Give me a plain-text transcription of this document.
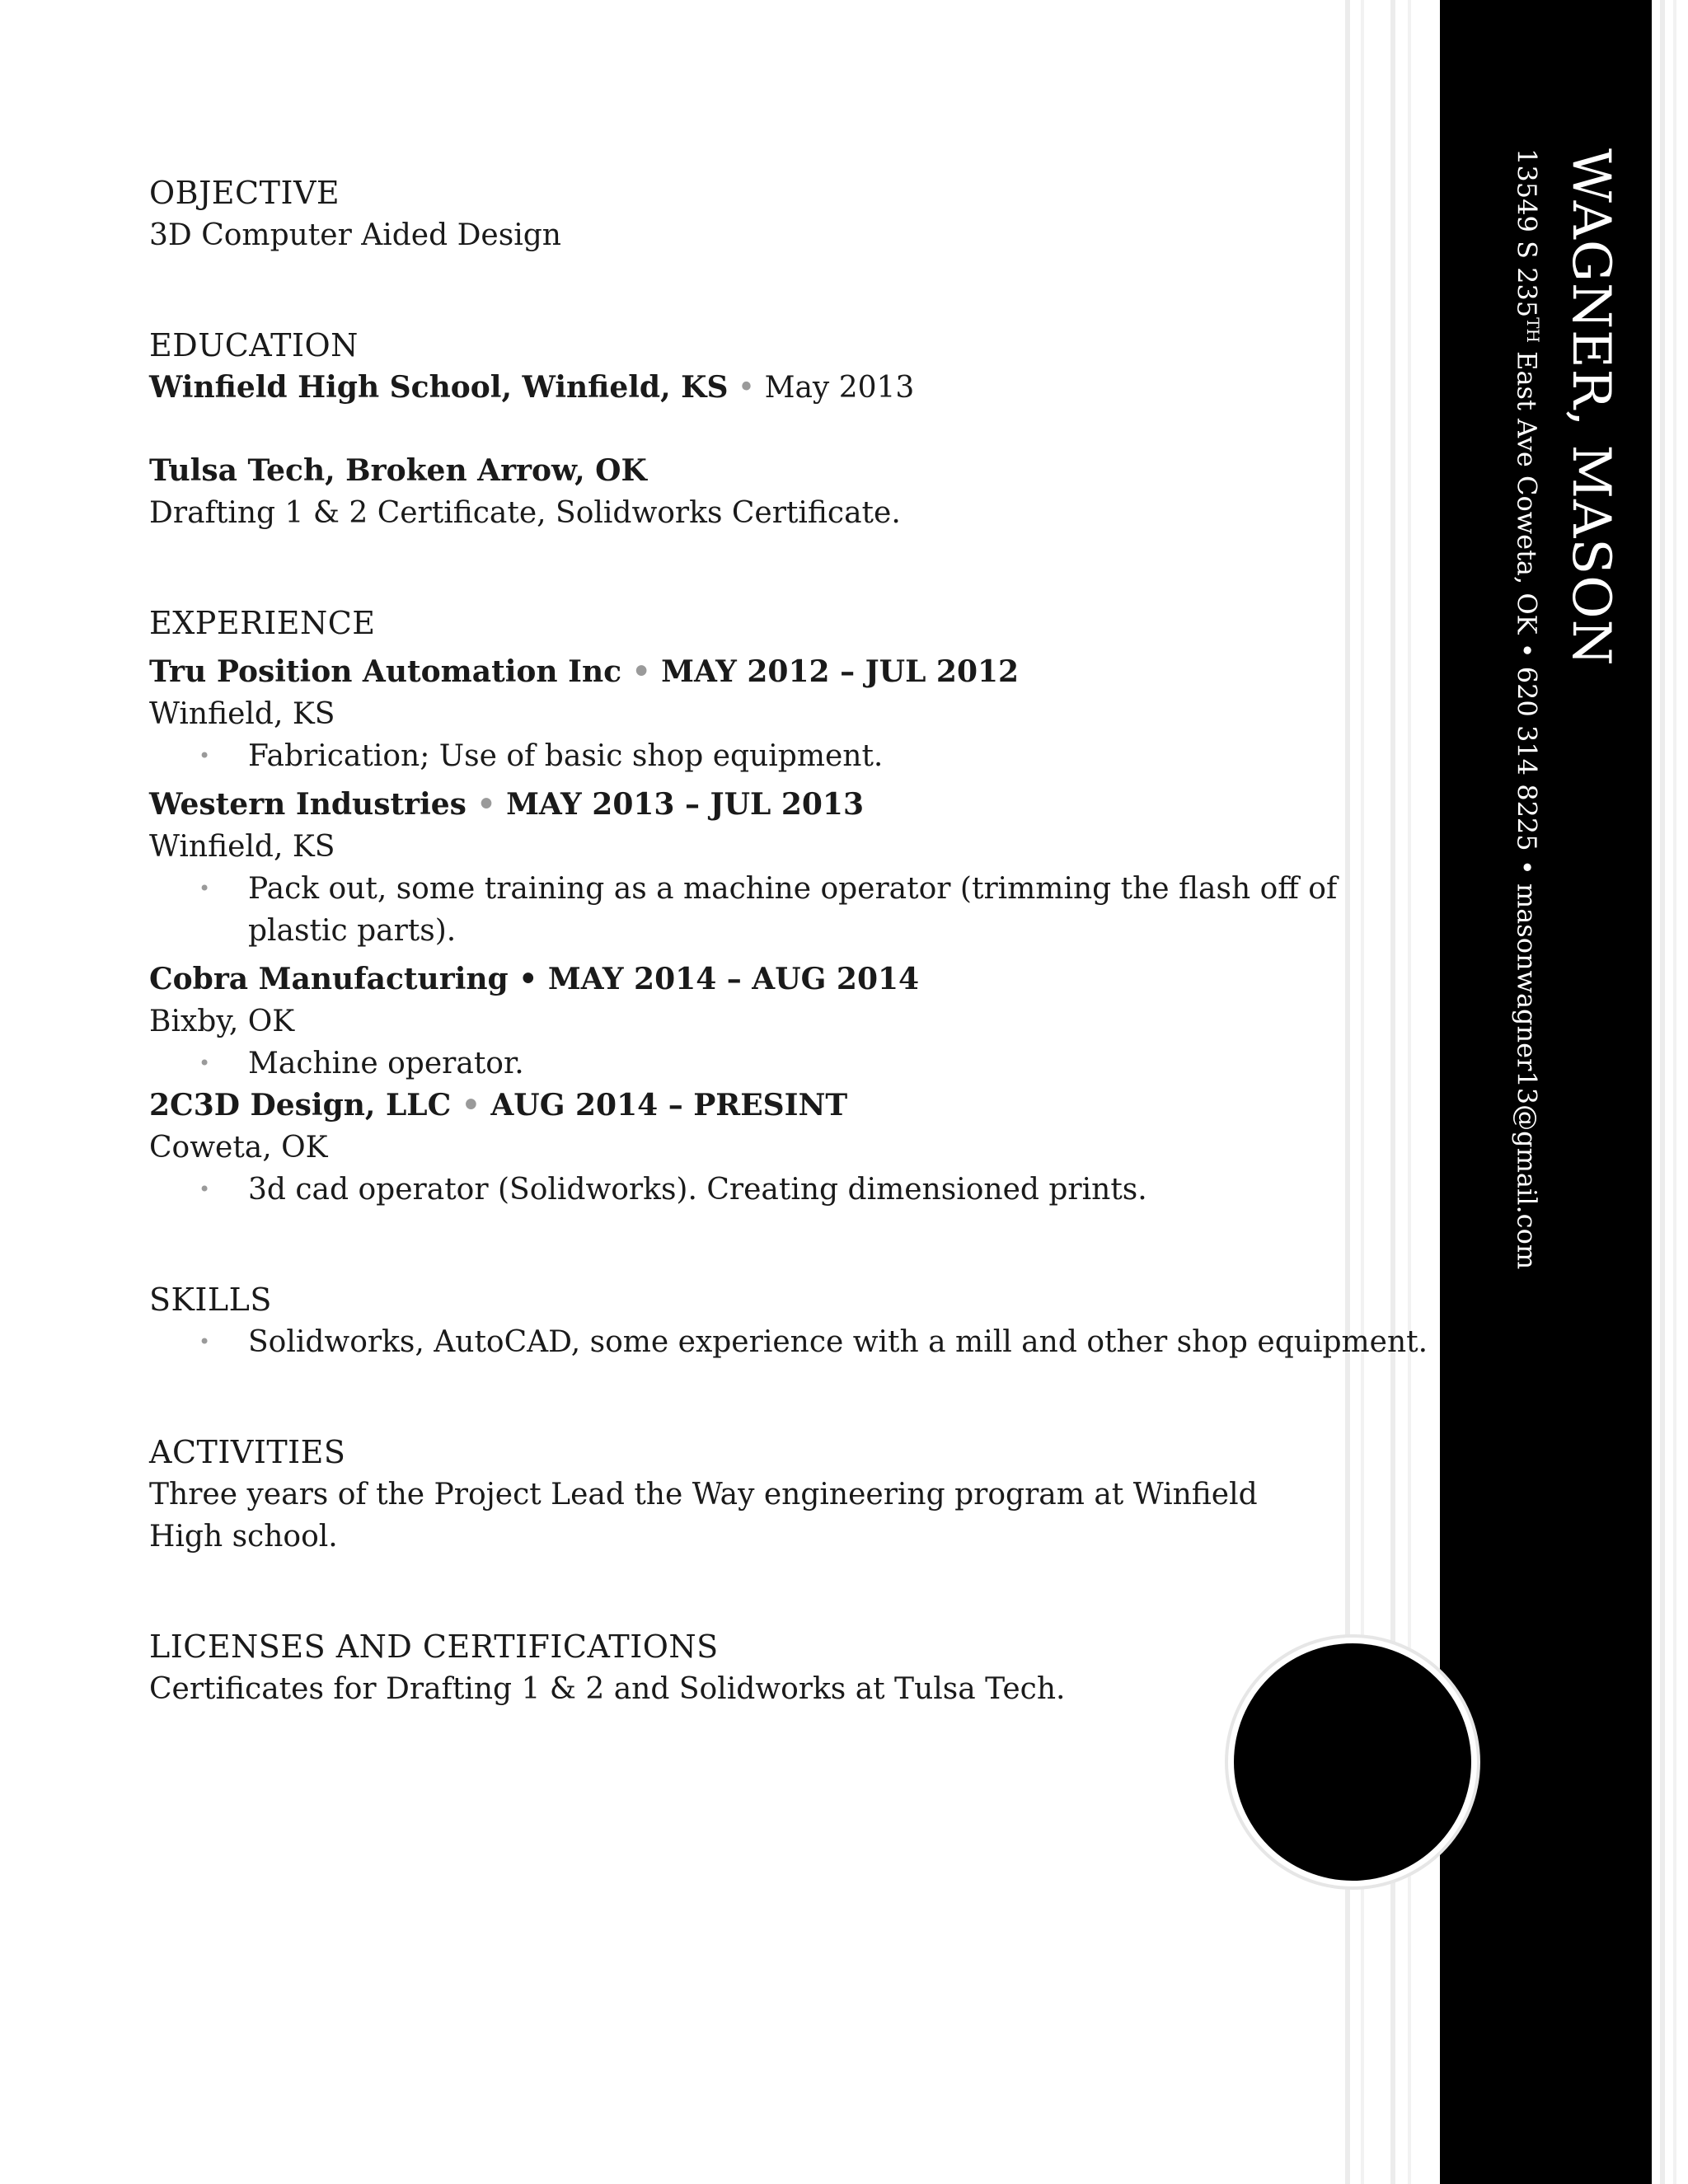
WAGNER, MASON
13549 S 235TH East Ave Coweta, OK • 620 314 8225 • masonwagner13@gmail.com

OBJECTIVE

3D Computer Aided Design

EDUCATION

Winfield High School, Winfield, KS • May 2013

Tulsa Tech, Broken Arrow, OK

Drafting 1 & 2 Certificate, Solidworks Certificate.

EXPERIENCE

Tru Position Automation Inc • MAY 2012 – JUL 2012

Winfield, KS

• Fabrication; Use of basic shop equipment.

Western Industries • MAY 2013 – JUL 2013

Winfield, KS

• Pack out, some training as a machine operator (trimming the flash off of plastic parts).

Cobra Manufacturing • MAY 2014 – AUG 2014

Bixby, OK

• Machine operator.

2C3D Design, LLC • AUG 2014 – PRESINT

Coweta, OK

• 3d cad operator (Solidworks). Creating dimensioned prints.

SKILLS

• Solidworks, AutoCAD, some experience with a mill and other shop equipment.

ACTIVITIES

Three years of the Project Lead the Way engineering program at Winfield

High school.

LICENSES AND CERTIFICATIONS

Certificates for Drafting 1 & 2 and Solidworks at Tulsa Tech.
